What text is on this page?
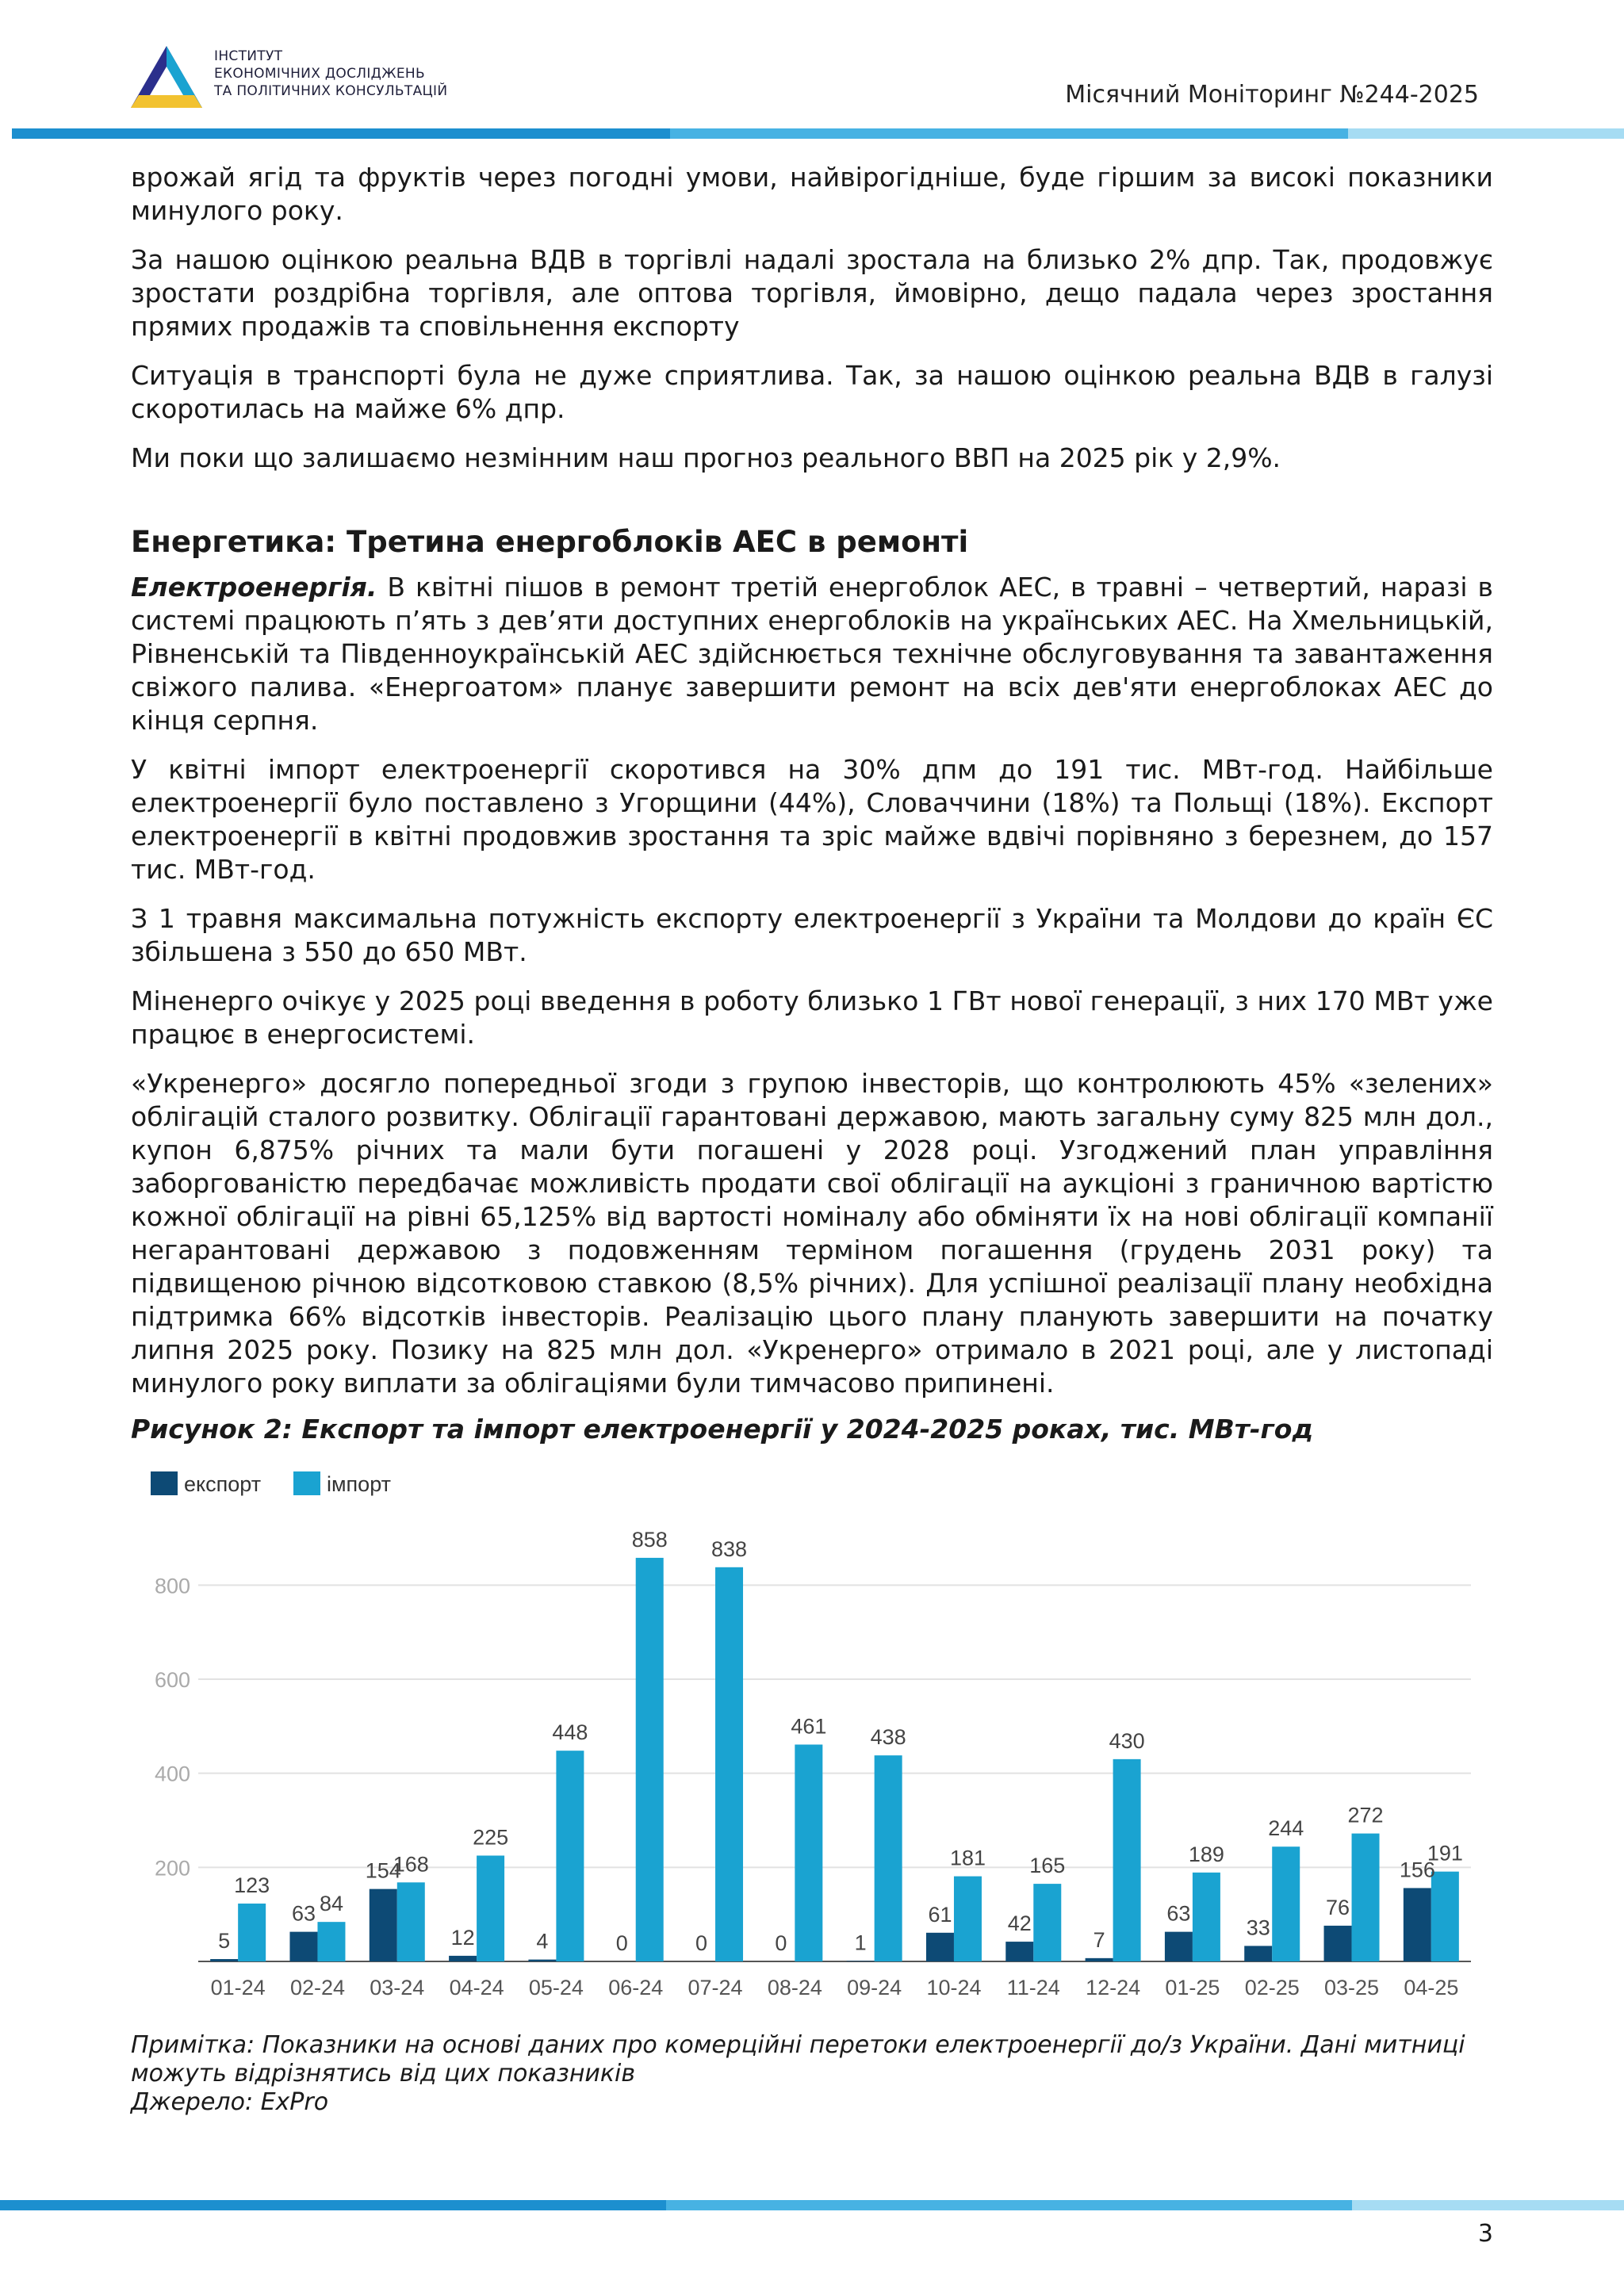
ІНСТИТУТ
ЕКОНОМІЧНИХ ДОСЛІДЖЕНЬ
ТА ПОЛІТИЧНИХ КОНСУЛЬТАЦІЙ	Місячний Моніторинг №244-2025

врожай ягід та фруктів через погодні умови, найвірогідніше, буде гіршим за високі показники минулого року.

За нашою оцінкою реальна ВДВ в торгівлі надалі зростала на близько 2% дпр. Так, продовжує зростати роздрібна торгівля, але оптова торгівля, ймовірно, дещо падала через зростання прямих продажів та сповільнення експорту

Ситуація в транспорті була не дуже сприятлива. Так, за нашою оцінкою реальна ВДВ в галузі скоротилась на майже 6% дпр.

Ми поки що залишаємо незмінним наш прогноз реального ВВП на 2025 рік у 2,9%.

Енергетика: Третина енергоблоків АЕС в ремонті

Електроенергія. В квітні пішов в ремонт третій енергоблок АЕС, в травні – четвертий, наразі в системі працюють п’ять з дев’яти доступних енергоблоків на українських АЕС. На Хмельницькій, Рівненській та Південноукраїнській АЕС здійснюється технічне обслуговування та завантаження свіжого палива. «Енергоатом» планує завершити ремонт на всіх дев'яти енергоблоках АЕС до кінця серпня.

У квітні імпорт електроенергії скоротився на 30% дпм до 191 тис. МВт-год. Найбільше електроенергії було поставлено з Угорщини (44%), Словаччини (18%) та Польщі (18%). Експорт електроенергії в квітні продовжив зростання та зріс майже вдвічі порівняно з березнем, до 157 тис. МВт-год.

З 1 травня максимальна потужність експорту електроенергії з України та Молдови до країн ЄС збільшена з 550 до 650 МВт.

Міненерго очікує у 2025 році введення в роботу близько 1 ГВт нової генерації, з них 170 МВт уже працює в енергосистемі.

«Укренерго» досягло попередньої згоди з групою інвесторів, що контролюють 45% «зелених» облігацій сталого розвитку. Облігації гарантовані державою, мають загальну суму 825 млн дол., купон 6,875% річних та мали бути погашені у 2028 році. Узгоджений план управління заборгованістю передбачає можливість продати свої облігації на аукціоні з граничною вартістю кожної облігації на рівні 65,125% від вартості номіналу або обміняти їх на нові облігації компанії негарантовані державою з подовженням терміном погашення (грудень 2031 року) та підвищеною річною відсотковою ставкою (8,5% річних). Для успішної реалізації плану необхідна підтримка 66% відсотків інвесторів. Реалізацію цього плану планують завершити на початку липня 2025 року. Позику на 825 млн дол. «Укренерго» отримало в 2021 році, але у листопаді минулого року виплати за облігаціями були тимчасово припинені.

Рисунок 2: Експорт та імпорт електроенергії у 2024-2025 роках, тис. МВт-год
експорт	імпорт
200
400
600
800
5
123
63 84
154
168
12
225
4
448
0
858
0
838
0
461
1
438
61
181
42
165
7
430
63
189
33
244
76
272
156
191
01-24 02-24 03-24 04-24 05-24 06-24 07-24 08-24 09-24 10-24 11-24 12-24 01-25 02-25 03-25 04-25
Примітка: Показники на основі даних про комерційні перетоки електроенергії до/з України. Дані митниці можуть відрізнятись від цих показників
Джерело: ExPro
3
